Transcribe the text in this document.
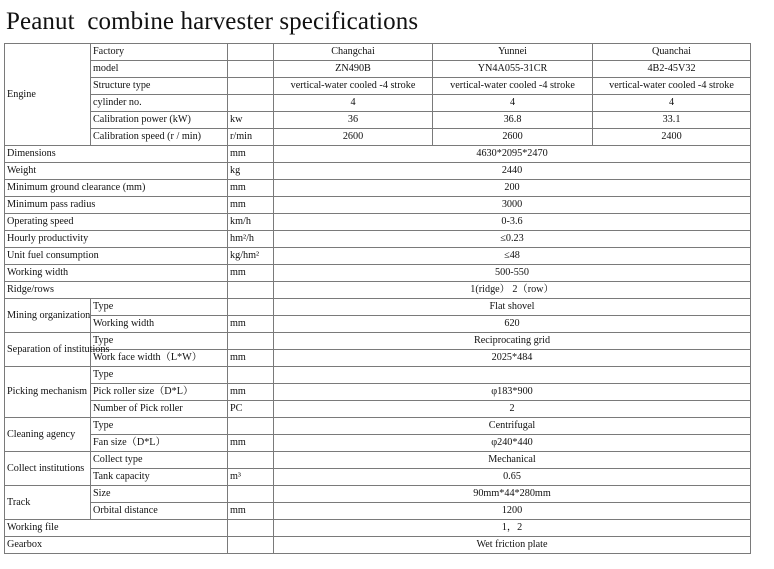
Peanut  combine harvester specifications
Engine	Factory		Changchai	Yunnei	Quanchai
	model		ZN490B	YN4A055-31CR	4B2-45V32
	Structure type		vertical-water cooled -4 stroke	vertical-water cooled -4 stroke	vertical-water cooled -4 stroke
	cylinder no.		4	4	4
	Calibration power (kW)	kw	36	36.8	33.1
	Calibration speed (r / min)	r/min	2600	2600	2400
Dimensions		mm	4630*2095*2470		
Weight		kg	2440		
Minimum ground clearance (mm)		mm	200		
Minimum pass radius		mm	3000		
Operating speed		km/h	0-3.6		
Hourly productivity		hm²/h	≤0.23		
Unit fuel consumption		kg/hm²	≤48		
Working width		mm	500-550		
Ridge/rows			1(ridge） 2（row）		
Mining organization	Type		Flat shovel		
	Working width	mm	620		
Separation of institutions	Type		Reciprocating grid		
	Work face width（L*W）	mm	2025*484		
Picking mechanism	Type				
	Pick roller size（D*L）	mm	φ183*900		
	Number of Pick roller	PC	2		
Cleaning agency	Type		Centrifugal		
	Fan size（D*L）	mm	φ240*440		
Collect institutions	Collect type		Mechanical		
	Tank capacity	m³	0.65		
Track	Size		90mm*44*280mm		
	Orbital distance	mm	1200		
Working file			1，2		
Gearbox			Wet friction plate		
